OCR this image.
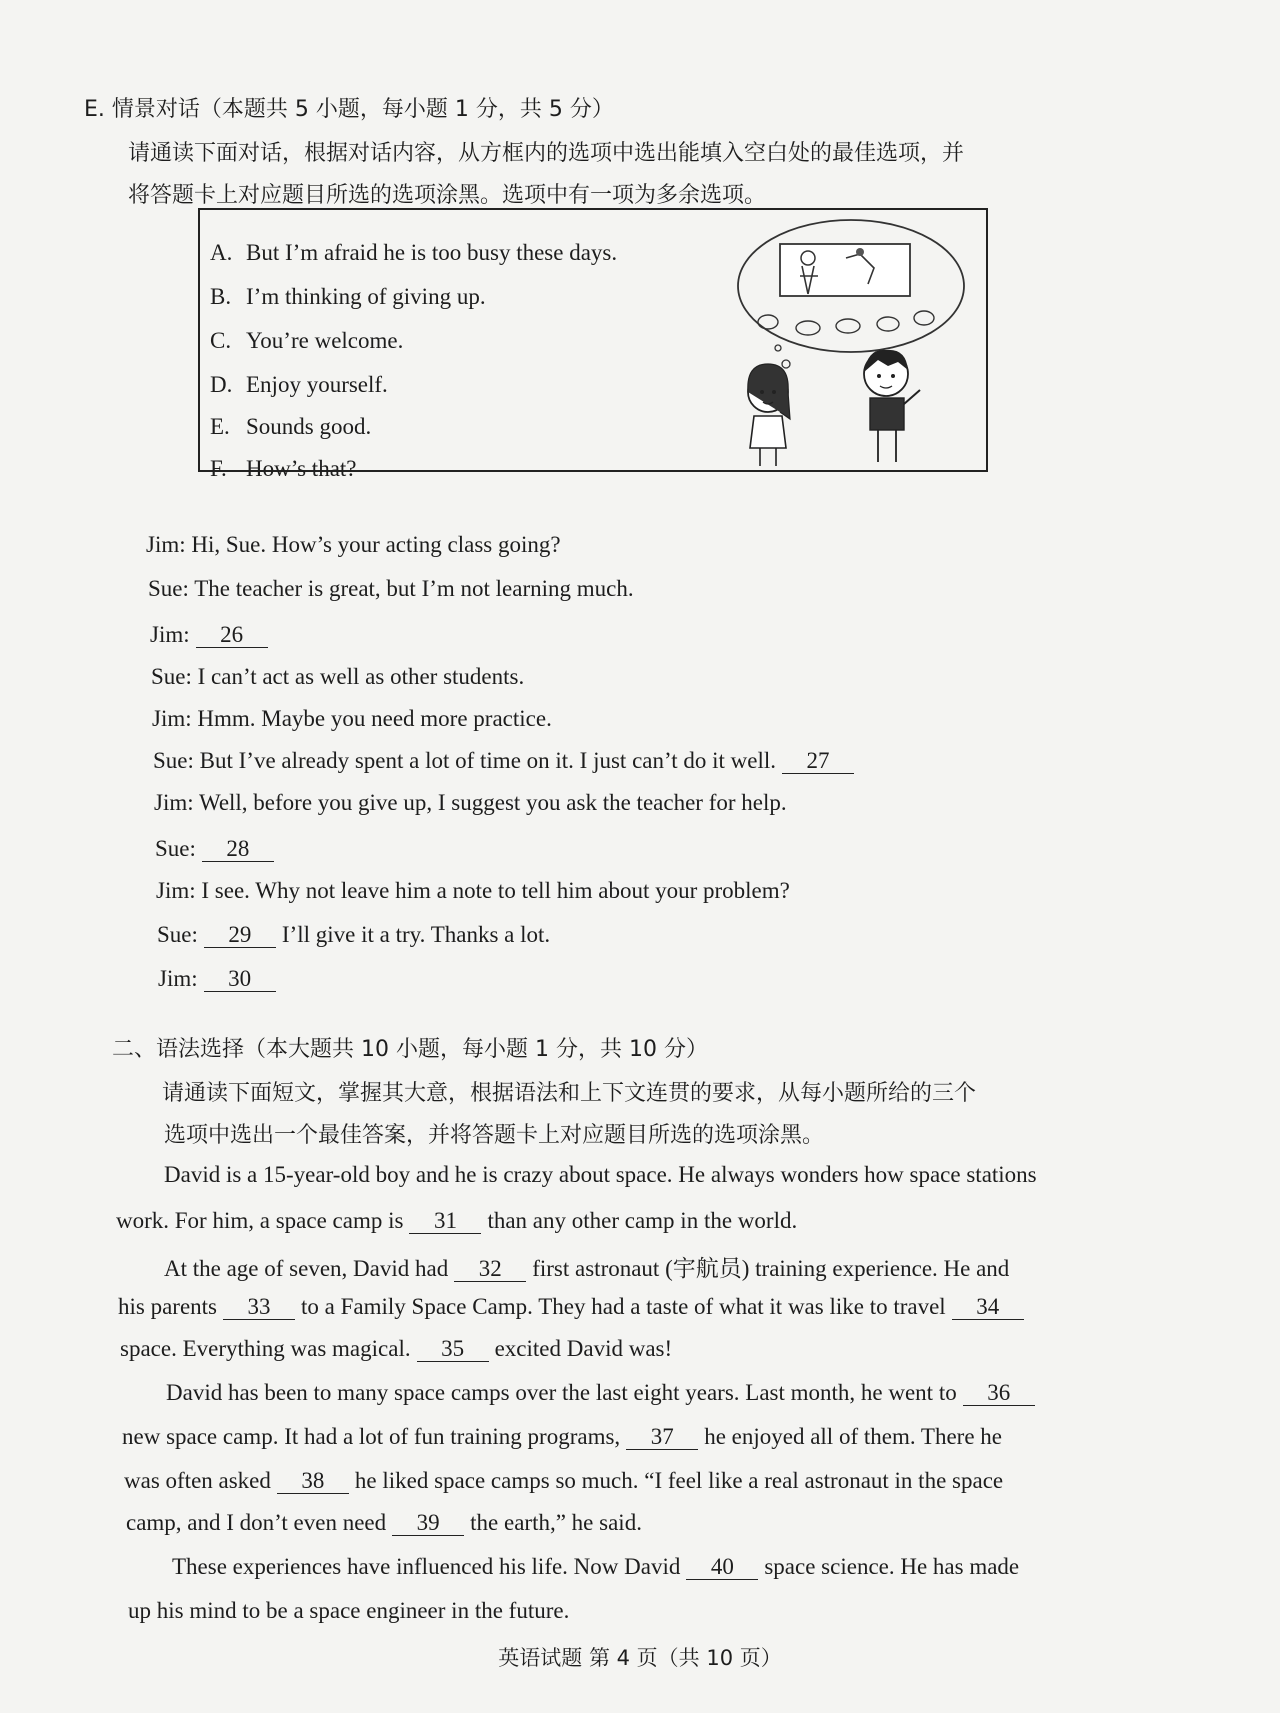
E. 情景对话（本题共 5 小题，每小题 1 分，共 5 分）
请通读下面对话，根据对话内容，从方框内的选项中选出能填入空白处的最佳选项，并
将答题卡上对应题目所选的选项涂黑。选项中有一项为多余选项。
A. But I’m afraid he is too busy these days.
B. I’m thinking of giving up.
C. You’re welcome.
D. Enjoy yourself.
E. Sounds good.
F. How’s that?
Jim: Hi, Sue. How’s your acting class going?
Sue: The teacher is great, but I’m not learning much.
Jim: 26
Sue: I can’t act as well as other students.
Jim: Hmm. Maybe you need more practice.
Sue: But I’ve already spent a lot of time on it. I just can’t do it well. 27
Jim: Well, before you give up, I suggest you ask the teacher for help.
Sue: 28
Jim: I see. Why not leave him a note to tell him about your problem?
Sue: 29 I’ll give it a try. Thanks a lot.
Jim: 30
二、语法选择（本大题共 10 小题，每小题 1 分，共 10 分）
请通读下面短文，掌握其大意，根据语法和上下文连贯的要求，从每小题所给的三个
选项中选出一个最佳答案，并将答题卡上对应题目所选的选项涂黑。
David is a 15-year-old boy and he is crazy about space. He always wonders how space stations
work. For him, a space camp is 31 than any other camp in the world.
At the age of seven, David had 32 first astronaut (宇航员) training experience. He and
his parents 33 to a Family Space Camp. They had a taste of what it was like to travel 34
space. Everything was magical. 35 excited David was!
David has been to many space camps over the last eight years. Last month, he went to 36
new space camp. It had a lot of fun training programs, 37 he enjoyed all of them. There he
was often asked 38 he liked space camps so much. “I feel like a real astronaut in the space
camp, and I don’t even need 39 the earth,” he said.
These experiences have influenced his life. Now David 40 space science. He has made
up his mind to be a space engineer in the future.
英语试题 第 4 页（共 10 页）
